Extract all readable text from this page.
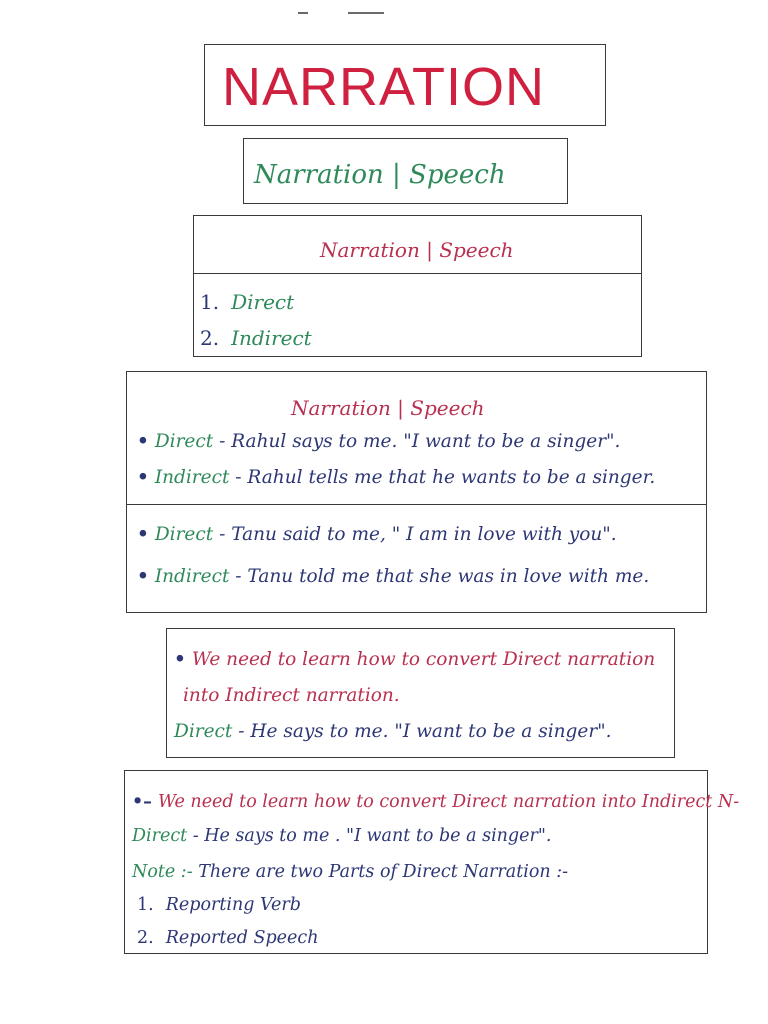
NARRATION
Narration | Speech
Narration | Speech
1. Direct
2. Indirect
Narration | Speech
• Direct - Rahul says to me. "I want to be a singer".
• Indirect - Rahul tells me that he wants to be a singer.
• Direct - Tanu said to me, " I am in love with you".
• Indirect - Tanu told me that she was in love with me.
• We need to learn how to convert Direct narration
into Indirect narration.
Direct - He says to me. "I want to be a singer".
•– We need to learn how to convert Direct narration into Indirect N-
Direct - He says to me . "I want to be a singer".
Note :- There are two Parts of Direct Narration :-
1. Reporting Verb
2. Reported Speech
